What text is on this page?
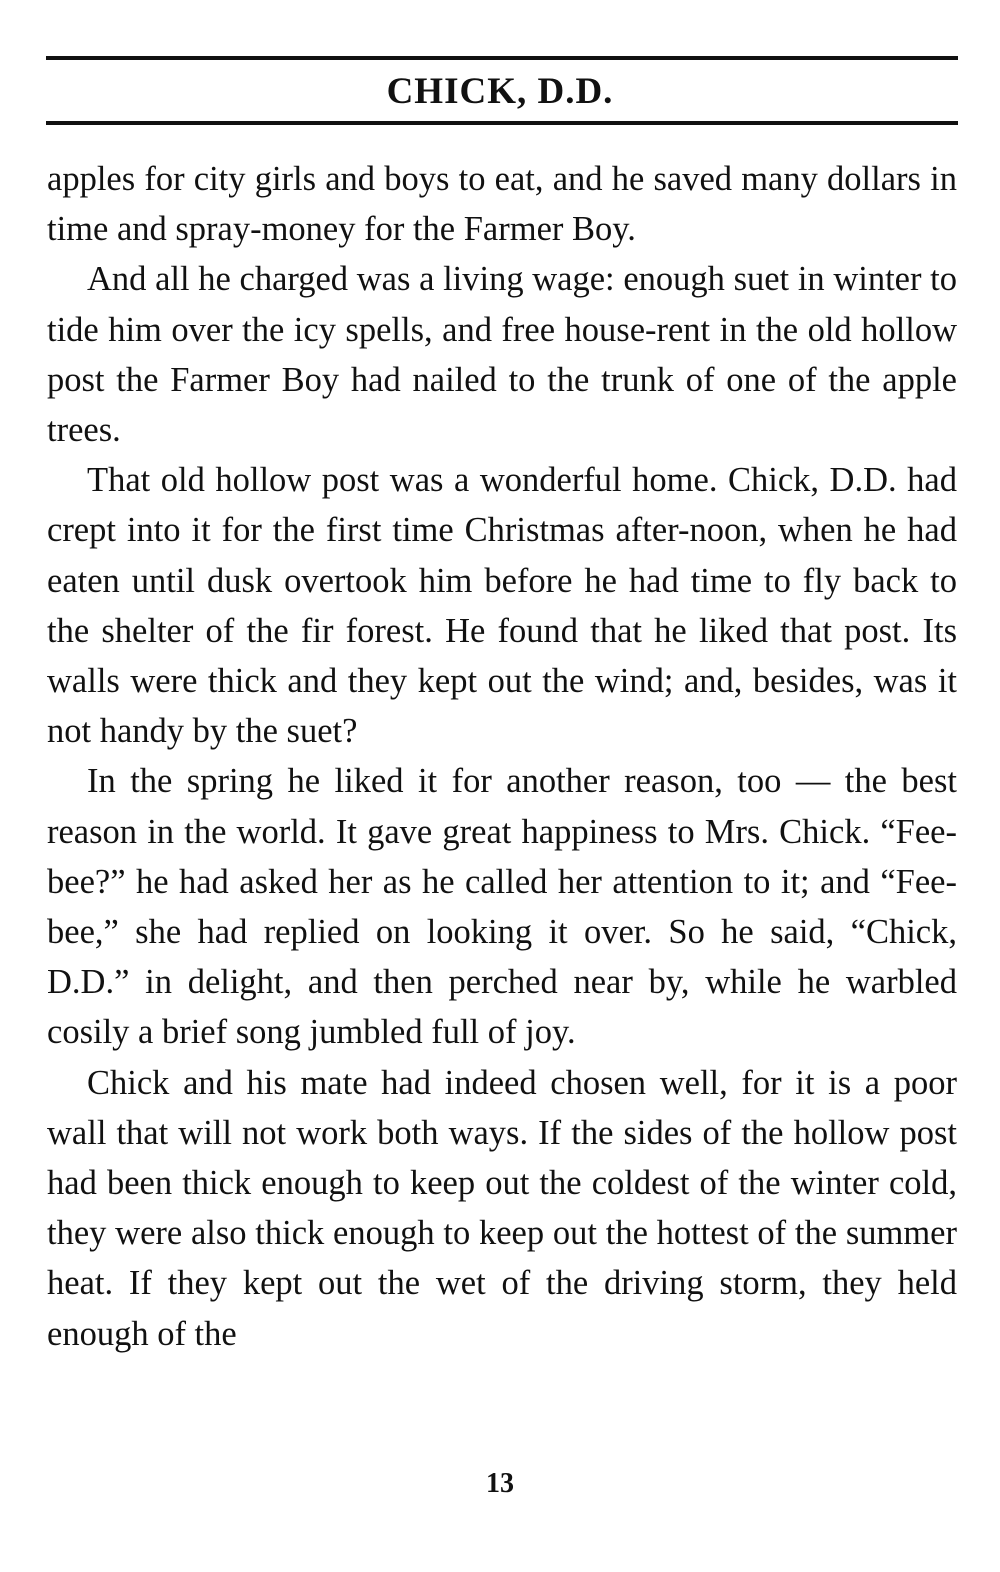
CHICK, D.D.

apples for city girls and boys to eat, and he saved many dollars in time and spray-money for the Farmer Boy.

And all he charged was a living wage: enough suet in winter to tide him over the icy spells, and free house-rent in the old hollow post the Farmer Boy had nailed to the trunk of one of the apple trees.

That old hollow post was a wonderful home. Chick, D.D. had crept into it for the first time Christmas after-noon, when he had eaten until dusk overtook him before he had time to fly back to the shelter of the fir forest. He found that he liked that post. Its walls were thick and they kept out the wind; and, besides, was it not handy by the suet?

In the spring he liked it for another reason, too — the best reason in the world. It gave great happiness to Mrs. Chick. “Fee-bee?” he had asked her as he called her attention to it; and “Fee-bee,” she had replied on looking it over. So he said, “Chick, D.D.” in delight, and then perched near by, while he warbled cosily a brief song jumbled full of joy.

Chick and his mate had indeed chosen well, for it is a poor wall that will not work both ways. If the sides of the hollow post had been thick enough to keep out the coldest of the winter cold, they were also thick enough to keep out the hottest of the summer heat. If they kept out the wet of the driving storm, they held enough of the

13
